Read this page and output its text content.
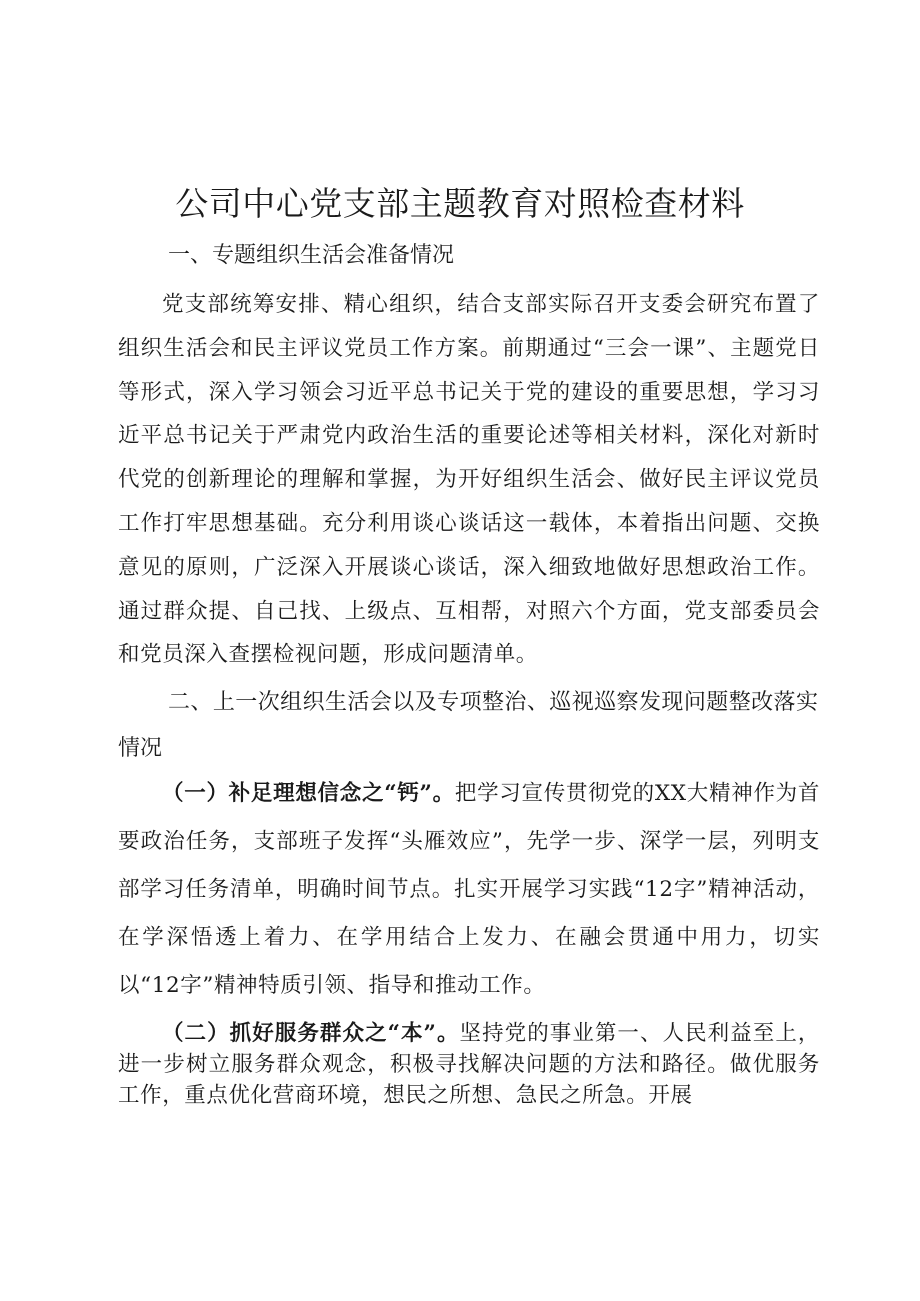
公司中心党支部主题教育对照检查材料
一、专题组织生活会准备情况

党支部统筹安排、精心组织，结合支部实际召开支委会研究布置了组织生活会和民主评议党员工作方案。前期通过“三会一课”、主题党日等形式，深入学习领会习近平总书记关于党的建设的重要思想，学习习近平总书记关于严肃党内政治生活的重要论述等相关材料，深化对新时代党的创新理论的理解和掌握，为开好组织生活会、做好民主评议党员工作打牢思想基础。充分利用谈心谈话这一载体，本着指出问题、交换意见的原则，广泛深入开展谈心谈话，深入细致地做好思想政治工作。通过群众提、自己找、上级点、互相帮，对照六个方面，党支部委员会和党员深入查摆检视问题，形成问题清单。

二、上一次组织生活会以及专项整治、巡视巡察发现问题整改落实情况

（一）补足理想信念之“钙”。把学习宣传贯彻党的XX大精神作为首要政治任务，支部班子发挥“头雁效应”，先学一步、深学一层，列明支部学习任务清单，明确时间节点。扎实开展学习实践“12字”精神活动，在学深悟透上着力、在学用结合上发力、在融会贯通中用力，切实以“12字”精神特质引领、指导和推动工作。

（二）抓好服务群众之“本”。坚持党的事业第一、人民利益至上，进一步树立服务群众观念，积极寻找解决问题的方法和路径。做优服务工作，重点优化营商环境，想民之所想、急民之所急。开展
